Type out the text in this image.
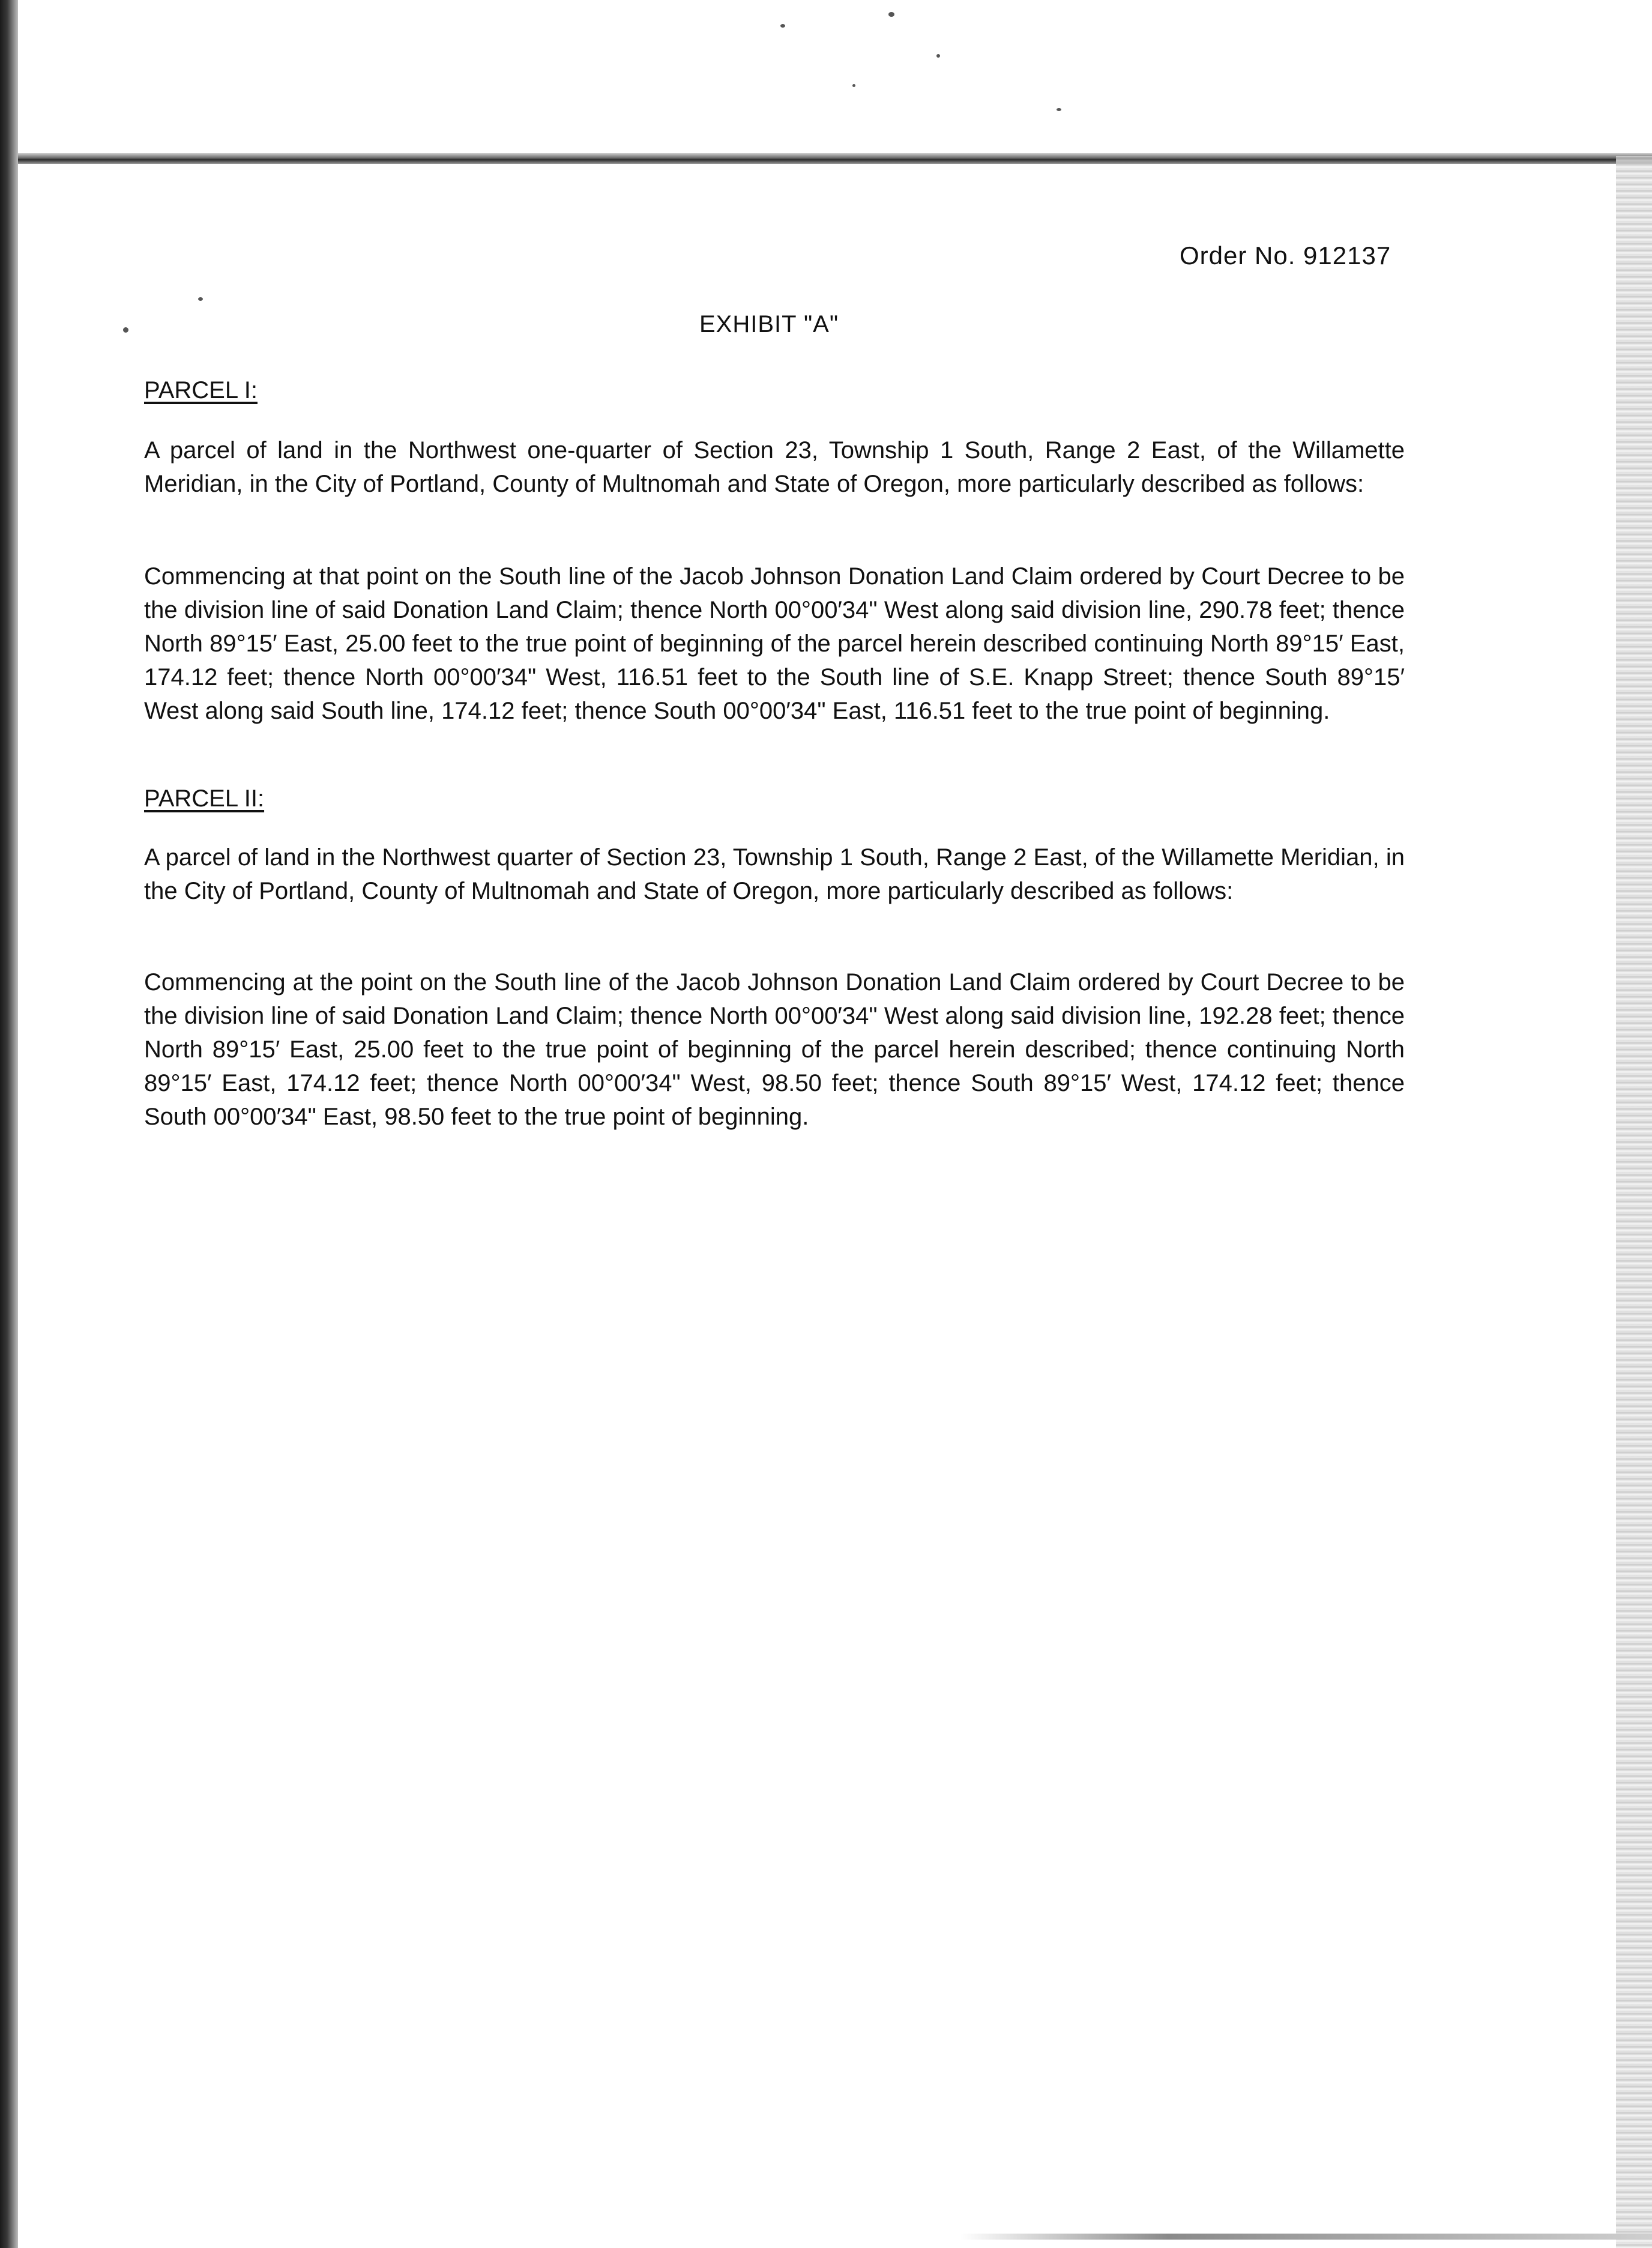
Order No. 912137
EXHIBIT "A"
PARCEL I:
A parcel of land in the Northwest one-quarter of Section 23, Township 1 South, Range 2 East, of the Willamette Meridian, in the City of Portland, County of Multnomah and State of Oregon, more particularly described as follows:
Commencing at that point on the South line of the Jacob Johnson Donation Land Claim ordered by Court Decree to be the division line of said Donation Land Claim; thence North 00°00′34" West along said division line, 290.78 feet; thence North 89°15′ East, 25.00 feet to the true point of beginning of the parcel herein described continuing North 89°15′ East, 174.12 feet; thence North 00°00′34" West, 116.51 feet to the South line of S.E. Knapp Street; thence South 89°15′ West along said South line, 174.12 feet; thence South 00°00′34" East, 116.51 feet to the true point of beginning.
PARCEL II:
A parcel of land in the Northwest quarter of Section 23, Township 1 South, Range 2 East, of the Willamette Meridian, in the City of Portland, County of Multnomah and State of Oregon, more particularly described as follows:
Commencing at the point on the South line of the Jacob Johnson Donation Land Claim ordered by Court Decree to be the division line of said Donation Land Claim; thence North 00°00′34" West along said division line, 192.28 feet; thence North 89°15′ East, 25.00 feet to the true point of beginning of the parcel herein described; thence continuing North 89°15′ East, 174.12 feet; thence North 00°00′34" West, 98.50 feet; thence South 89°15′ West, 174.12 feet; thence South 00°00′34" East, 98.50 feet to the true point of beginning.
